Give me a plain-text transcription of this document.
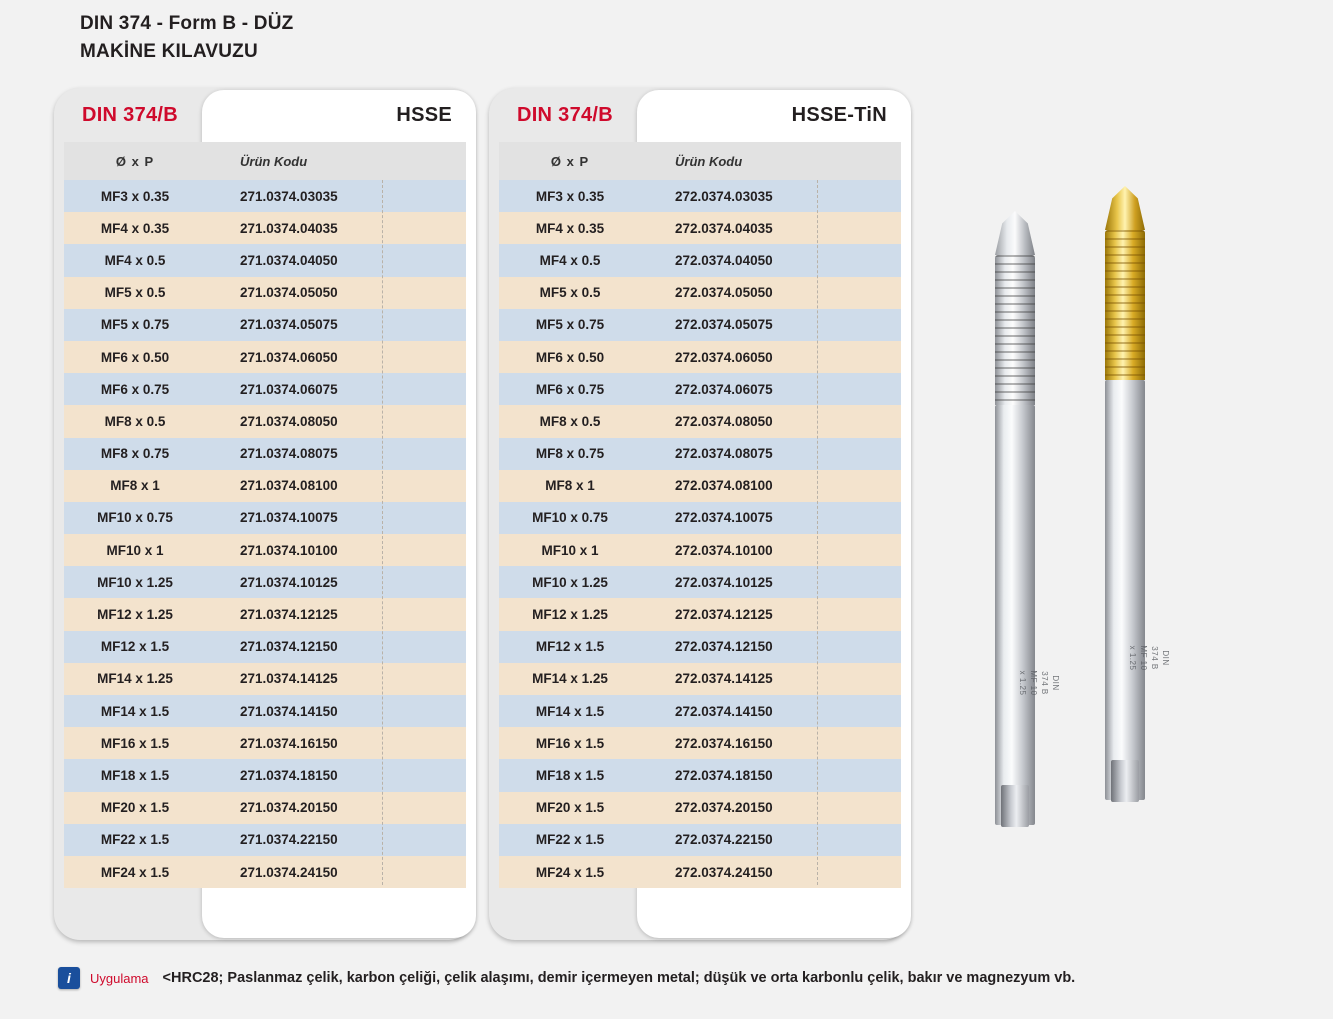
DIN 374 - Form B - DÜZ
MAKİNE KILAVUZU
DIN 374/B	HSSE
Ø x P	Ürün Kodu
MF3 x 0.35	271.0374.03035
MF4 x 0.35	271.0374.04035
MF4 x 0.5	271.0374.04050
MF5 x 0.5	271.0374.05050
MF5 x 0.75	271.0374.05075
MF6 x 0.50	271.0374.06050
MF6 x 0.75	271.0374.06075
MF8 x 0.5	271.0374.08050
MF8 x 0.75	271.0374.08075
MF8 x 1	271.0374.08100
MF10 x 0.75	271.0374.10075
MF10 x 1	271.0374.10100
MF10 x 1.25	271.0374.10125
MF12 x 1.25	271.0374.12125
MF12 x 1.5	271.0374.12150
MF14 x 1.25	271.0374.14125
MF14 x 1.5	271.0374.14150
MF16 x 1.5	271.0374.16150
MF18 x 1.5	271.0374.18150
MF20 x 1.5	271.0374.20150
MF22 x 1.5	271.0374.22150
MF24 x 1.5	271.0374.24150
DIN 374/B	HSSE-TiN
Ø x P	Ürün Kodu
MF3 x 0.35	272.0374.03035
MF4 x 0.35	272.0374.04035
MF4 x 0.5	272.0374.04050
MF5 x 0.5	272.0374.05050
MF5 x 0.75	272.0374.05075
MF6 x 0.50	272.0374.06050
MF6 x 0.75	272.0374.06075
MF8 x 0.5	272.0374.08050
MF8 x 0.75	272.0374.08075
MF8 x 1	272.0374.08100
MF10 x 0.75	272.0374.10075
MF10 x 1	272.0374.10100
MF10 x 1.25	272.0374.10125
MF12 x 1.25	272.0374.12125
MF12 x 1.5	272.0374.12150
MF14 x 1.25	272.0374.14125
MF14 x 1.5	272.0374.14150
MF16 x 1.5	272.0374.16150
MF18 x 1.5	272.0374.18150
MF20 x 1.5	272.0374.20150
MF22 x 1.5	272.0374.22150
MF24 x 1.5	272.0374.24150
DIN 374 B MF 10 x 1.25
DIN 374 B MF 10 x 1.25
i	Uygulama <HRC28; Paslanmaz çelik, karbon çeliği, çelik alaşımı, demir içermeyen metal; düşük ve orta karbonlu çelik, bakır ve magnezyum vb.
